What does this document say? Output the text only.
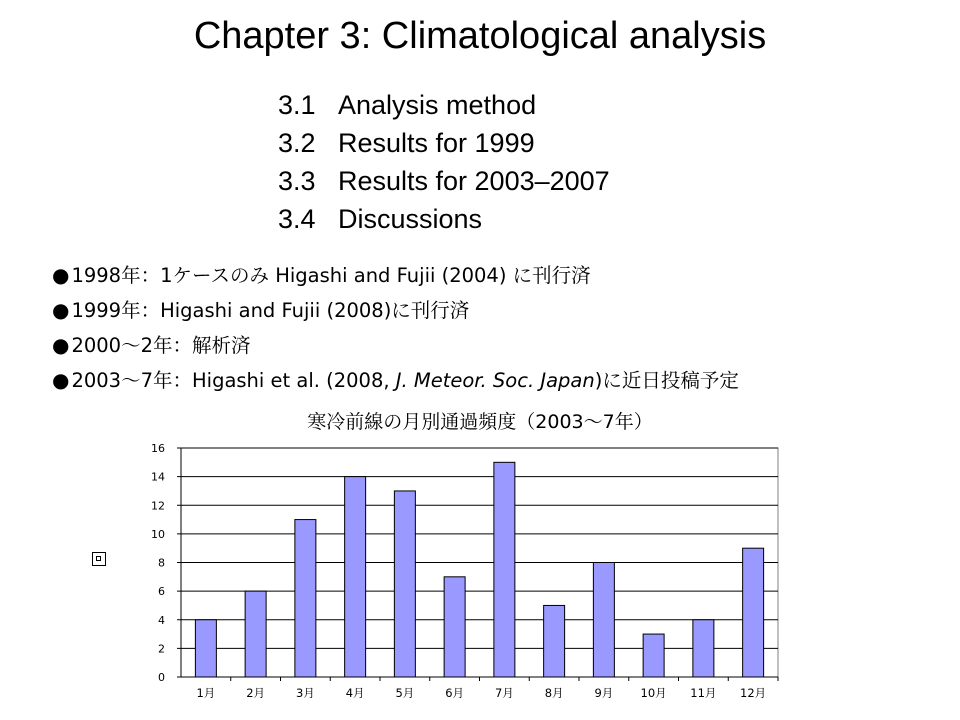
Chapter 3: Climatological analysis
3.1 Analysis method
3.2 Results for 1999
3.3 Results for 2003–2007
3.4 Discussions
● 1998年：1ケースのみ Higashi and Fujii (2004) に刊行済
● 1999年：Higashi and Fujii (2008)に刊行済
● 2000〜2年：解析済
● 2003〜7年：Higashi et al. (2008, J. Meteor. Soc. Japan)に近日投稿予定
寒冷前線の月別通過頻度（2003〜7年）
0
2
4
6
8
10
12
14
16
1月	2月	3月	4月	5月	6月	7月	8月	9月 10月 11月 12月
